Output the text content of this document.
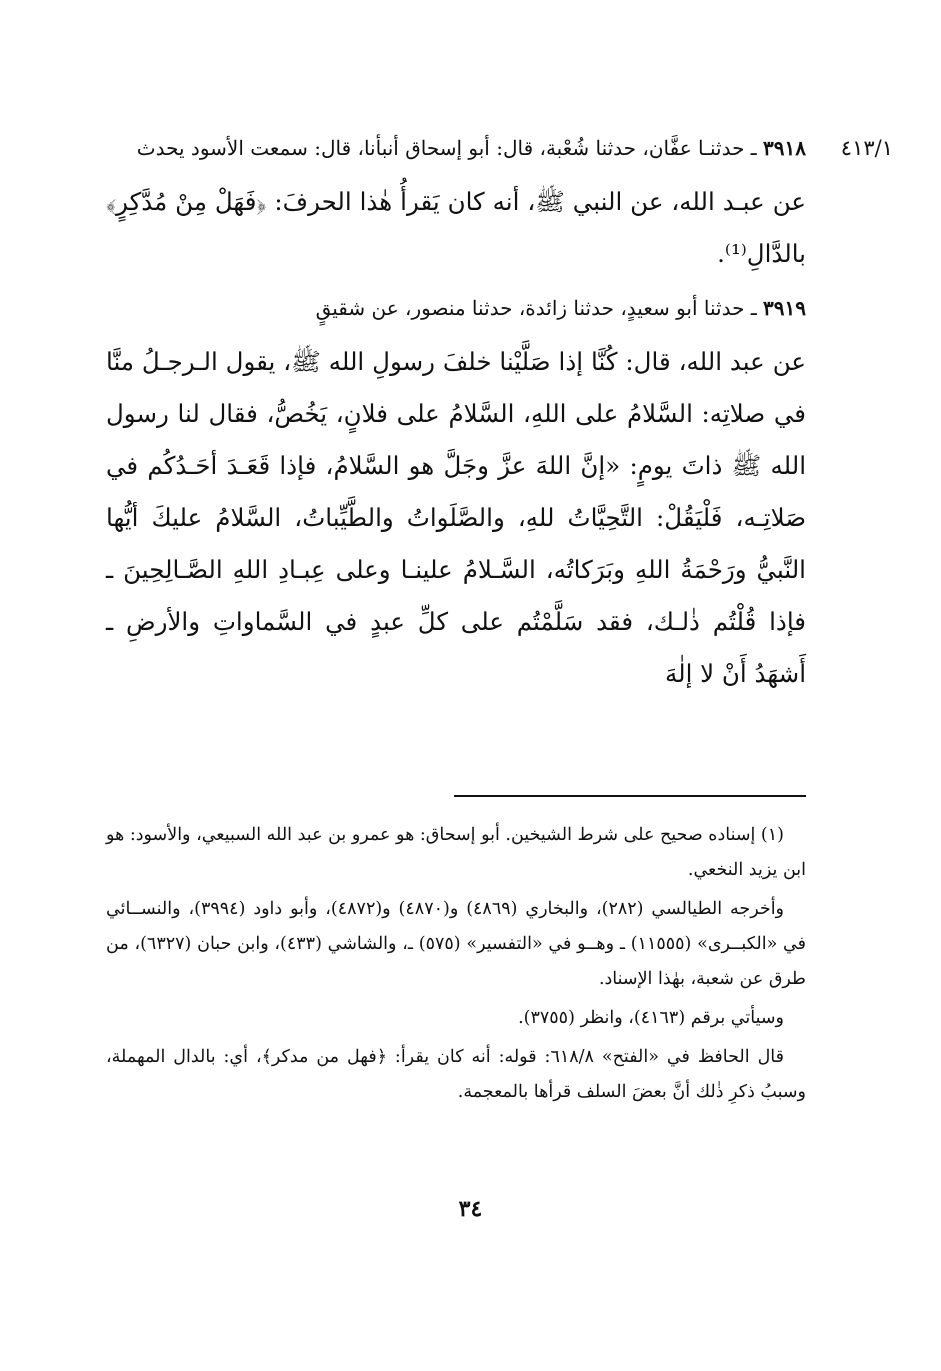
٤١٣/١

٣٩١٨ ـ حدثنـا عفَّان، حدثنا شُعْبة، قال: أبو إسحاق أنبأنا، قال: سمعت الأسود يحدث

عن عبـد الله، عن النبي ﷺ، أنه كان يَقرأُ هٰذا الحرفَ: ﴿فَهَلْ مِنْ مُدَّكِرٍ﴾ بالدَّالِ⁽¹⁾.

٣٩١٩ ـ حدثنا أبو سعيدٍ، حدثنا زائدة، حدثنا منصور، عن شقيقٍ

عن عبد الله، قال: كُنَّا إذا صَلَّيْنا خلفَ رسولِ الله ﷺ، يقول الـرجـلُ منَّا في صلاتِه: السَّلامُ على اللهِ، السَّلامُ على فلانٍ، يَخُصُّ، فقال لنا رسول الله ﷺ ذاتَ يومٍ: «إنَّ اللهَ عزَّ وجَلَّ هو السَّلامُ، فإذا قَعَـدَ أحَـدُكُم في صَلاتِـه، فَلْيَقُلْ: التَّحِيَّاتُ للهِ، والصَّلَواتُ والطَّيِّباتُ، السَّلامُ عليكَ أيُّها النَّبيُّ ورَحْمَةُ اللهِ وبَرَكاتُه، السَّـلامُ علينـا وعلى عِبـادِ اللهِ الصَّـالِحِينَ ـ فإذا قُلْتُم ذٰلـك، فقد سَلَّمْتُم على كلِّ عبدٍ في السَّماواتِ والأرضِ ـ أَشهَدُ أَنْ لا إلٰهَ

(١) إسناده صحيح على شرط الشيخين. أبو إسحاق: هو عمرو بن عبد الله السبيعي، والأسود: هو ابن يزيد النخعي.

وأخرجه الطيالسي (٢٨٢)، والبخاري (٤٨٦٩) و(٤٨٧٠) و(٤٨٧٢)، وأبو داود (٣٩٩٤)، والنســائي في «الكبــرى» (١١٥٥٥) ـ وهــو في «التفسير» (٥٧٥) ـ، والشاشي (٤٣٣)، وابن حبان (٦٣٢٧)، من طرق عن شعبة، بهٰذا الإسناد.

وسيأتي برقم (٤١٦٣)، وانظر (٣٧٥٥).

قال الحافظ في «الفتح» ٦١٨/٨: قوله: أنه كان يقرأ: ﴿فهل من مدكر﴾، أي: بالدال المهملة، وسببُ ذكرِ ذٰلك أنَّ بعضَ السلف قرأها بالمعجمة.

٣٤
